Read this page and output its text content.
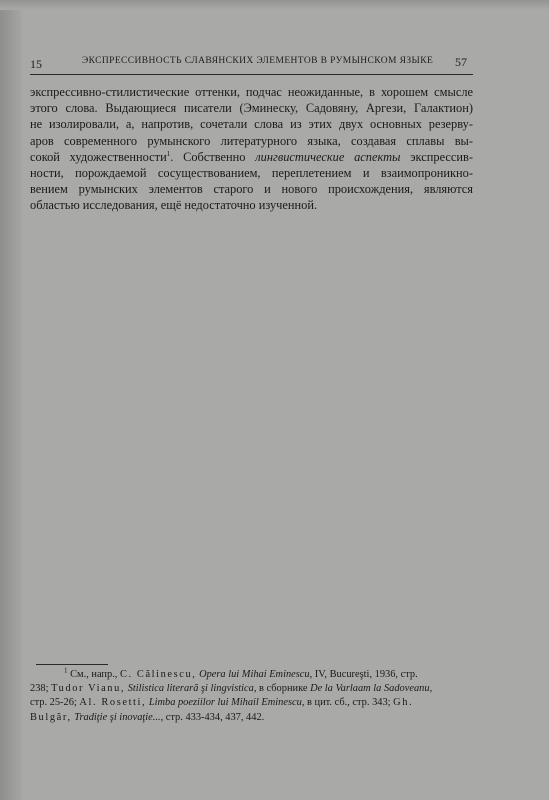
15	ЭКСПРЕССИВНОСТЬ СЛАВЯНСКИХ ЭЛЕМЕНТОВ В РУМЫНСКОМ ЯЗЫКЕ	57
экспрессивно-стилистические оттенки, подчас неожиданные, в хорошем смысле
этого слова. Выдающиеся писатели (Эминеску, Садовяну, Аргези, Галактион)
не изолировали, а, напротив, сочетали слова из этих двух основных резерву-
аров современного румынского литературного языка, создавая сплавы вы-
сокой художественности$^1$. Собственно лингвистические аспекты экспрессив-
ности, порождаемой сосуществованием, переплетением и взаимопроникно-
вением румынских элементов старого и нового происхождения, являются
областью исследования, ещё недостаточно изученной.
$^1$ См., напр., C. Călinescu, Opera lui Mihai Eminescu, IV, Bucureşti, 1936, стр.
238; Tudor Vianu, Stilistica literară şi lingvistica, в сборнике De la Varlaam la Sadoveanu,
стр. 25-26; Al. Rosetti, Limba poeziilor lui Mihail Eminescu, в цит. сб., стр. 343; Gh.
Bulgăr, Tradiţie şi inovaţie..., стр. 433-434, 437, 442.
